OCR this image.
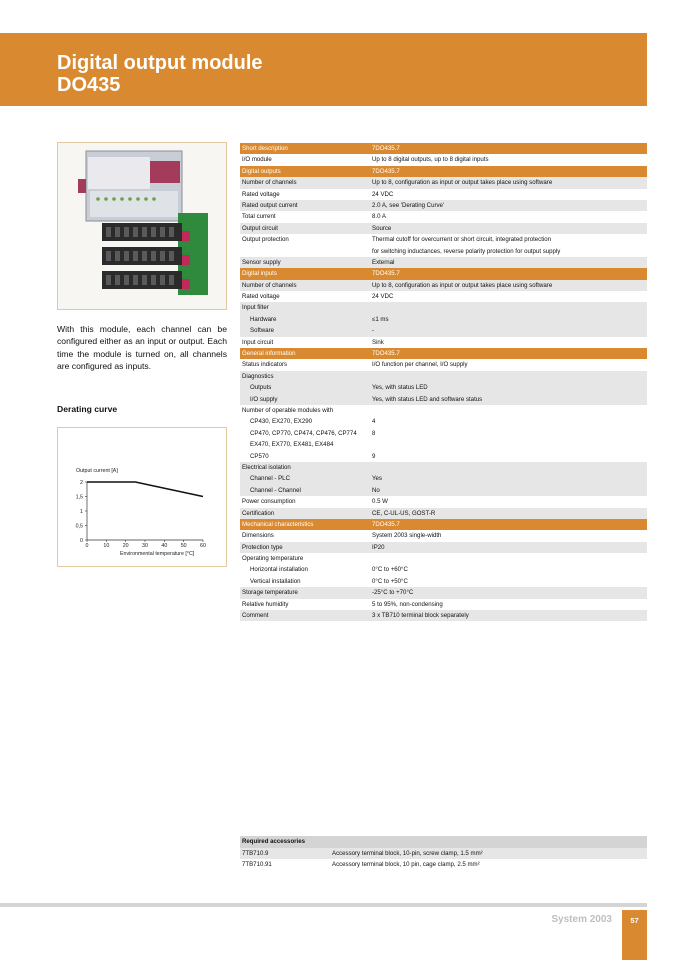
Digital output module
DO435
With this module, each channel can be configured either as an input or output. Each time the module is turned on, all channels are configured as inputs.
Derating curve
Output current [A]
Environmental temperature [°C]
0	10	20	30	40	50	60
0
0,5
1
1,5
2
Short description	7DO435.7
I/O module	Up to 8 digital outputs, up to 8 digital inputs
Digital outputs	7DO435.7
Number of channels	Up to 8, configuration as input or output takes place using software
Rated voltage	24 VDC
Rated output current	2.0 A, see 'Derating Curve'
Total current	8.0 A
Output circuit	Source
Output protection	Thermal cutoff for overcurrent or short circuit, integrated protection
for switching inductances, reverse polarity protection for output supply
Sensor supply	External
Digital inputs	7DO435.7
Number of channels	Up to 8, configuration as input or output takes place using software
Rated voltage	24 VDC
Input filter
Hardware	≤1 ms
Software	-
Input circuit	Sink
General information	7DO435.7
Status indicators	I/O function per channel, I/O supply
Diagnostics
Outputs	Yes, with status LED
I/O supply	Yes, with status LED and software status
Number of operable modules with
CP430, EX270, EX290	4
CP470, CP770, CP474, CP476, CP774	8
EX470, EX770, EX481, EX484
CP570	9
Electrical isolation
Channel - PLC	Yes
Channel - Channel	No
Power consumption	0.5 W
Certification	CE, C-UL-US, GOST-R
Mechanical characteristics	7DO435.7
Dimensions	System 2003 single-width
Protection type	IP20
Operating temperature
Horizontal installation	0°C to +60°C
Vertical installation	0°C to +50°C
Storage temperature	-25°C to +70°C
Relative humidity	5 to 95%, non-condensing
Comment	3 x TB710 terminal block separately
Required accessories
7TB710.9	Accessory terminal block, 10-pin, screw clamp, 1.5 mm²
7TB710.91	Accessory terminal block, 10 pin, cage clamp, 2.5 mm²
System 2003	57
